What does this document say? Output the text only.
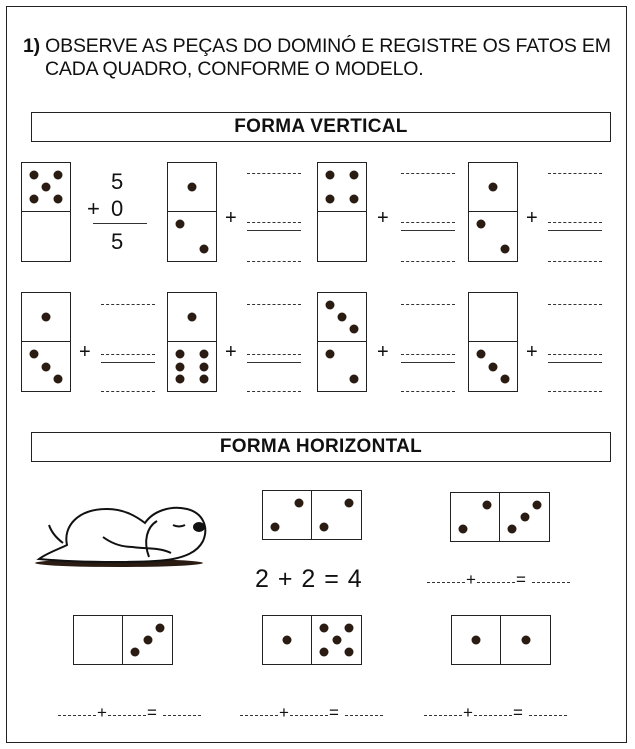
1) OBSERVE AS PEÇAS DO DOMINÓ E REGISTRE OS FATOS EM
CADA QUADRO, CONFORME O MODELO.
FORMA VERTICAL
5
+ 0
5
+	+	+
+	+	+	+
FORMA HORIZONTAL
2 + 2 = 4	+ =
+ =	+ =	+ =
